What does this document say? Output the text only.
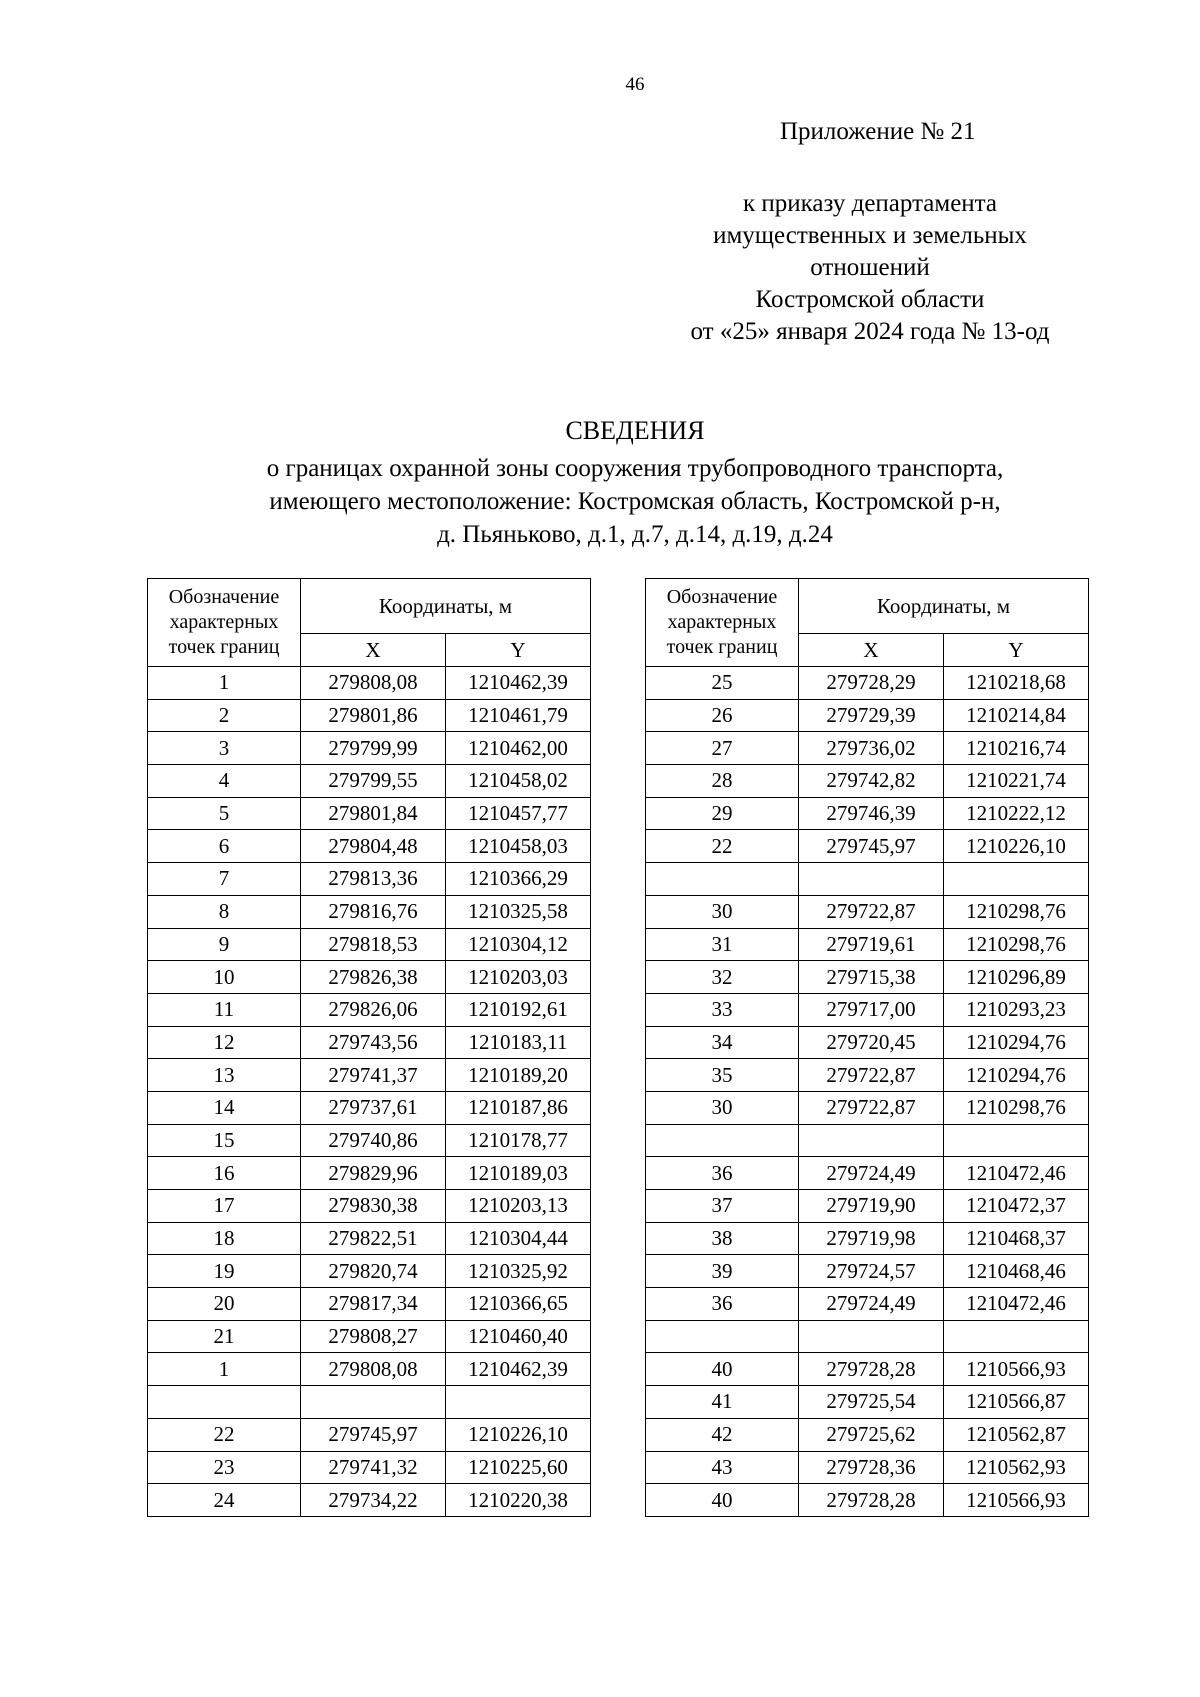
46
Приложение № 21
к приказу департамента
имущественных и земельных
отношений
Костромской области
от «25» января 2024 года № 13-од
СВЕДЕНИЯ
о границах охранной зоны сооружения трубопроводного транспорта,
имеющего местоположение: Костромская область, Костромской р-н,
д. Пьяньково, д.1, д.7, д.14, д.19, д.24
Обозначение характерных точек границ	Координаты, м	
	X	Y
1	279808,08	1210462,39
2	279801,86	1210461,79
3	279799,99	1210462,00
4	279799,55	1210458,02
5	279801,84	1210457,77
6	279804,48	1210458,03
7	279813,36	1210366,29
8	279816,76	1210325,58
9	279818,53	1210304,12
10	279826,38	1210203,03
11	279826,06	1210192,61
12	279743,56	1210183,11
13	279741,37	1210189,20
14	279737,61	1210187,86
15	279740,86	1210178,77
16	279829,96	1210189,03
17	279830,38	1210203,13
18	279822,51	1210304,44
19	279820,74	1210325,92
20	279817,34	1210366,65
21	279808,27	1210460,40
1	279808,08	1210462,39

22	279745,97	1210226,10
23	279741,32	1210225,60
24	279734,22	1210220,38
Обозначение характерных точек границ	Координаты, м	
	X	Y
25	279728,29	1210218,68
26	279729,39	1210214,84
27	279736,02	1210216,74
28	279742,82	1210221,74
29	279746,39	1210222,12
22	279745,97	1210226,10

30	279722,87	1210298,76
31	279719,61	1210298,76
32	279715,38	1210296,89
33	279717,00	1210293,23
34	279720,45	1210294,76
35	279722,87	1210294,76
30	279722,87	1210298,76

36	279724,49	1210472,46
37	279719,90	1210472,37
38	279719,98	1210468,37
39	279724,57	1210468,46
36	279724,49	1210472,46

40	279728,28	1210566,93
41	279725,54	1210566,87
42	279725,62	1210562,87
43	279728,36	1210562,93
40	279728,28	1210566,93
